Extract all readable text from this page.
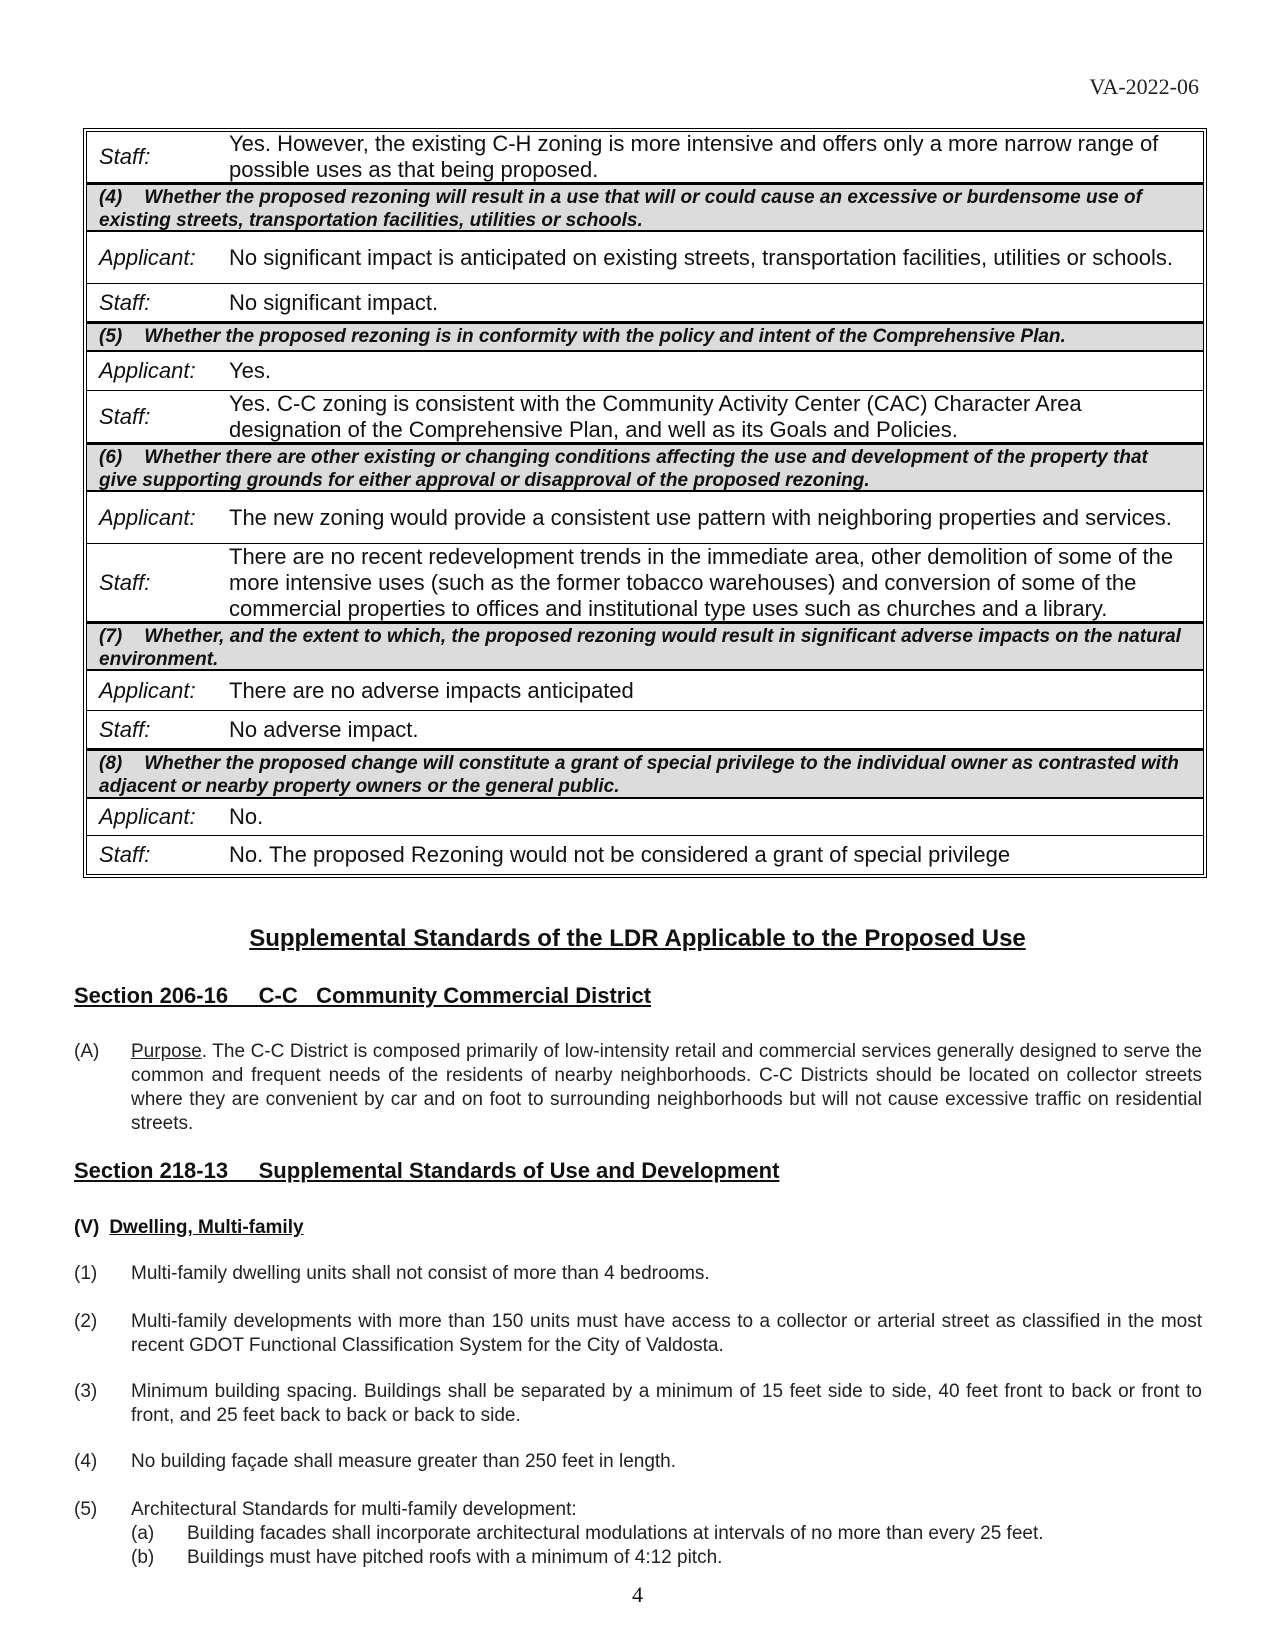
VA-2022-06
Staff:
Yes. However, the existing C-H zoning is more intensive and offers only a more narrow range of possible uses as that being proposed.
(4) Whether the proposed rezoning will result in a use that will or could cause an excessive or burdensome use of existing streets, transportation facilities, utilities or schools.
Applicant:	No significant impact is anticipated on existing streets, transportation facilities, utilities or schools.
Staff:	No significant impact.
(5) Whether the proposed rezoning is in conformity with the policy and intent of the Comprehensive Plan.
Applicant:	Yes.
Staff:
Yes. C-C zoning is consistent with the Community Activity Center (CAC) Character Area designation of the Comprehensive Plan, and well as its Goals and Policies.
(6) Whether there are other existing or changing conditions affecting the use and development of the property that give supporting grounds for either approval or disapproval of the proposed rezoning.
Applicant:	The new zoning would provide a consistent use pattern with neighboring properties and services.
Staff:
There are no recent redevelopment trends in the immediate area, other demolition of some of the more intensive uses (such as the former tobacco warehouses) and conversion of some of the commercial properties to offices and institutional type uses such as churches and a library.
(7) Whether, and the extent to which, the proposed rezoning would result in significant adverse impacts on the natural environment.
Applicant:	There are no adverse impacts anticipated
Staff:	No adverse impact.
(8) Whether the proposed change will constitute a grant of special privilege to the individual owner as contrasted with adjacent or nearby property owners or the general public.
Applicant:	No.
Staff:	No. The proposed Rezoning would not be considered a grant of special privilege
Supplemental Standards of the LDR Applicable to the Proposed Use
Section 206-16     C-C   Community Commercial District
(A) Purpose. The C-C District is composed primarily of low-intensity retail and commercial services generally designed to serve the common and frequent needs of the residents of nearby neighborhoods. C-C Districts should be located on collector streets where they are convenient by car and on foot to surrounding neighborhoods but will not cause excessive traffic on residential streets.
Section 218-13     Supplemental Standards of Use and Development
(V) Dwelling, Multi-family
(1) Multi-family dwelling units shall not consist of more than 4 bedrooms.
(2) Multi-family developments with more than 150 units must have access to a collector or arterial street as classified in the most recent GDOT Functional Classification System for the City of Valdosta.
(3) Minimum building spacing. Buildings shall be separated by a minimum of 15 feet side to side, 40 feet front to back or front to front, and 25 feet back to back or back to side.
(4) No building façade shall measure greater than 250 feet in length.
(5) Architectural Standards for multi-family development:
(a) Building facades shall incorporate architectural modulations at intervals of no more than every 25 feet.
(b) Buildings must have pitched roofs with a minimum of 4:12 pitch.
4
